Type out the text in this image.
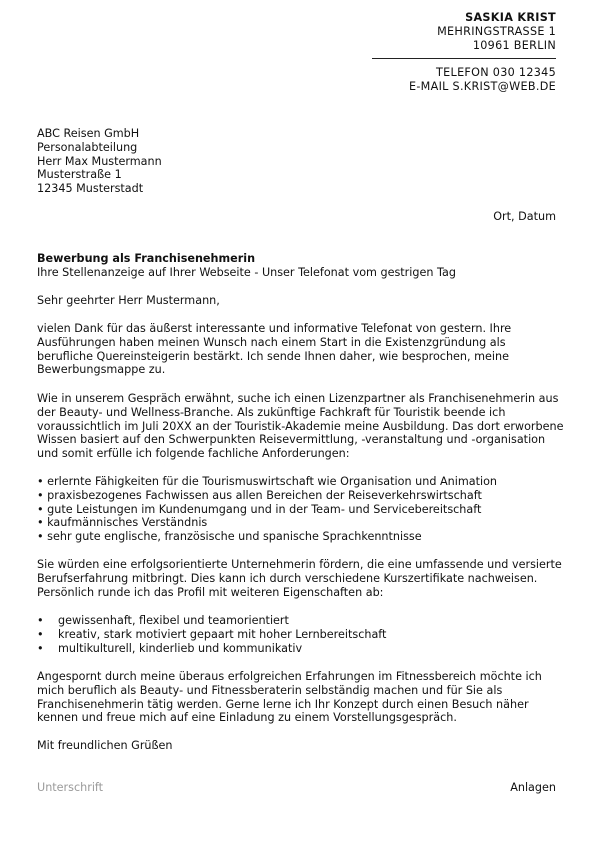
SASKIA KRIST
MEHRINGSTRASSE 1
10961 BERLIN
TELEFON 030 12345
E-MAIL S.KRIST@WEB.DE
ABC Reisen GmbH
Personalabteilung
Herr Max Mustermann
Musterstraße 1
12345 Musterstadt
Ort, Datum
Bewerbung als Franchisenehmerin
Ihre Stellenanzeige auf Ihrer Webseite - Unser Telefonat vom gestrigen Tag
Sehr geehrter Herr Mustermann,

vielen Dank für das äußerst interessante und informative Telefonat von gestern. Ihre Ausführungen haben meinen Wunsch nach einem Start in die Existenzgründung als berufliche Quereinsteigerin bestärkt. Ich sende Ihnen daher, wie besprochen, meine Bewerbungsmappe zu.

Wie in unserem Gespräch erwähnt, suche ich einen Lizenzpartner als Franchisenehmerin aus der Beauty- und Wellness-Branche. Als zukünftige Fachkraft für Touristik beende ich voraussichtlich im Juli 20XX an der Touristik-Akademie meine Ausbildung. Das dort erworbene Wissen basiert auf den Schwerpunkten Reisevermittlung, -veranstaltung und -organisation und somit erfülle ich folgende fachliche Anforderungen:

• erlernte Fähigkeiten für die Tourismuswirtschaft wie Organisation und Animation
• praxisbezogenes Fachwissen aus allen Bereichen der Reiseverkehrswirtschaft
• gute Leistungen im Kundenumgang und in der Team- und Servicebereitschaft
• kaufmännisches Verständnis
• sehr gute englische, französische und spanische Sprachkenntnisse

Sie würden eine erfolgsorientierte Unternehmerin fördern, die eine umfassende und versierte Berufserfahrung mitbringt. Dies kann ich durch verschiedene Kurszertifikate nachweisen. Persönlich runde ich das Profil mit weiteren Eigenschaften ab:

•	gewissenhaft, flexibel und teamorientiert
•	kreativ, stark motiviert gepaart mit hoher Lernbereitschaft
•	multikulturell, kinderlieb und kommunikativ

Angespornt durch meine überaus erfolgreichen Erfahrungen im Fitnessbereich möchte ich mich beruflich als Beauty- und Fitnessberaterin selbständig machen und für Sie als Franchisenehmerin tätig werden. Gerne lerne ich Ihr Konzept durch einen Besuch näher kennen und freue mich auf eine Einladung zu einem Vorstellungsgespräch.

Mit freundlichen Grüßen
Unterschrift	Anlagen
